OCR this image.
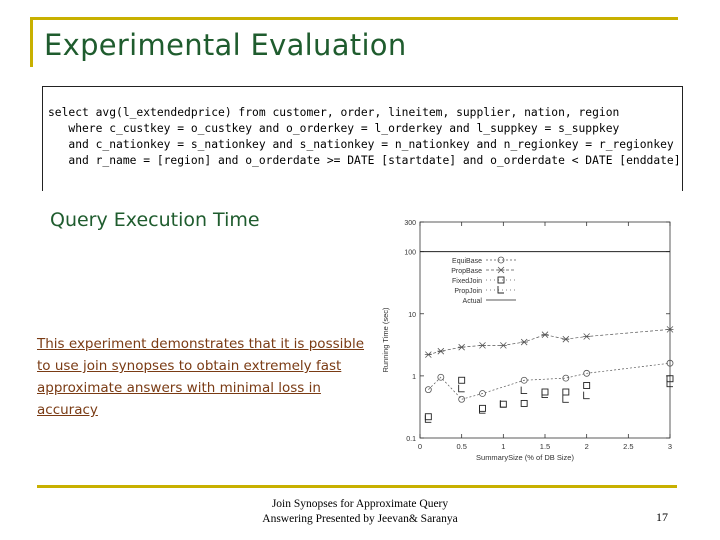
Experimental Evaluation
select avg(l_extendedprice) from customer, order, lineitem, supplier, nation, region
where c_custkey = o_custkey and o_orderkey = l_orderkey and l_suppkey = s_suppkey
and c_nationkey = s_nationkey and s_nationkey = n_nationkey and n_regionkey = r_regionkey
and r_name = [region] and o_orderdate >= DATE [startdate] and o_orderdate < DATE [enddate]
Query Execution Time
This experiment demonstrates that it is possible
to use join synopses to obtain extremely fast
approximate answers with minimal loss in
accuracy
0	0.5	1	1.5	2	2.5	3
0.1
1
10
100
300
SummarySize (% of DB Size)
Running Time (sec)
EquiBase
PropBase
FixedJoin
PropJoin
Actual
Join Synopses for Approximate Query
Answering Presented by Jeevan& Saranya	17
